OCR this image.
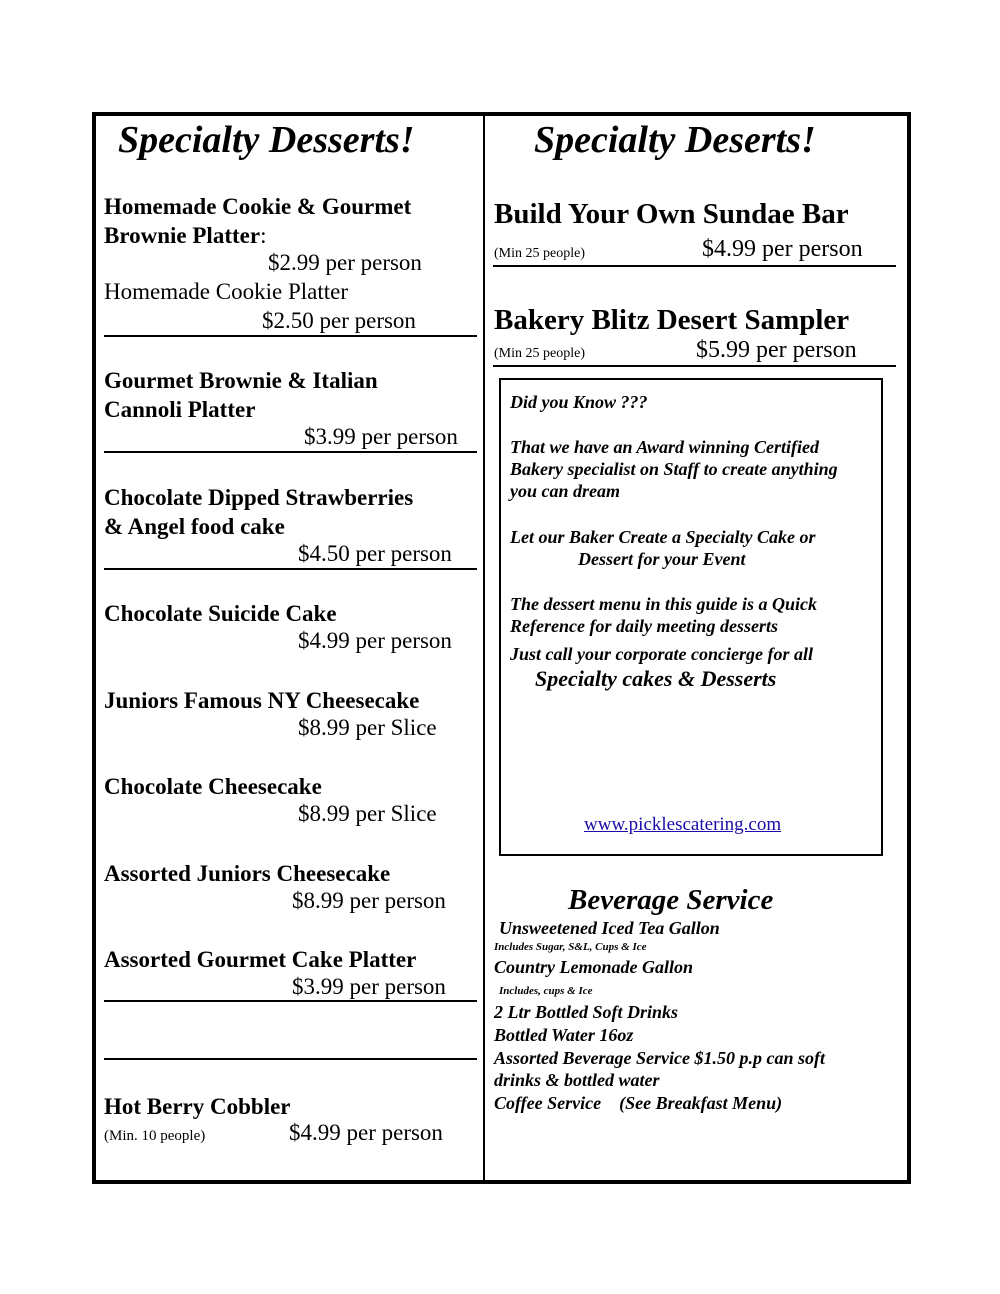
Specialty Desserts!
Homemade Cookie & Gourmet
Brownie Platter:
$2.99 per person
Homemade Cookie Platter
$2.50 per person
Gourmet Brownie & Italian
Cannoli Platter
$3.99 per person
Chocolate Dipped Strawberries
& Angel food cake
$4.50 per person
Chocolate Suicide Cake
$4.99 per person
Juniors Famous NY Cheesecake
$8.99 per Slice
Chocolate Cheesecake
$8.99 per Slice
Assorted Juniors Cheesecake
$8.99 per person
Assorted Gourmet Cake Platter
$3.99 per person
Hot Berry Cobbler
(Min. 10 people)	$4.99 per person
Specialty Deserts!
Build Your Own Sundae Bar
(Min 25 people)	$4.99 per person
Bakery Blitz Desert Sampler
(Min 25 people)	$5.99 per person
Did you Know ???
That we have an Award winning Certified
Bakery specialist on Staff to create anything
you can dream
Let our Baker Create a Specialty Cake or
Dessert for your Event
The dessert menu in this guide is a Quick
Reference for daily meeting desserts
Just call your corporate concierge for all
Specialty cakes & Desserts
www.picklescatering.com
Beverage Service
Unsweetened Iced Tea Gallon
Includes Sugar, S&L, Cups & Ice
Country Lemonade Gallon
Includes, cups & Ice
2 Ltr Bottled Soft Drinks
Bottled Water 16oz
Assorted Beverage Service $1.50 p.p can soft
drinks & bottled water
Coffee Service    (See Breakfast Menu)
